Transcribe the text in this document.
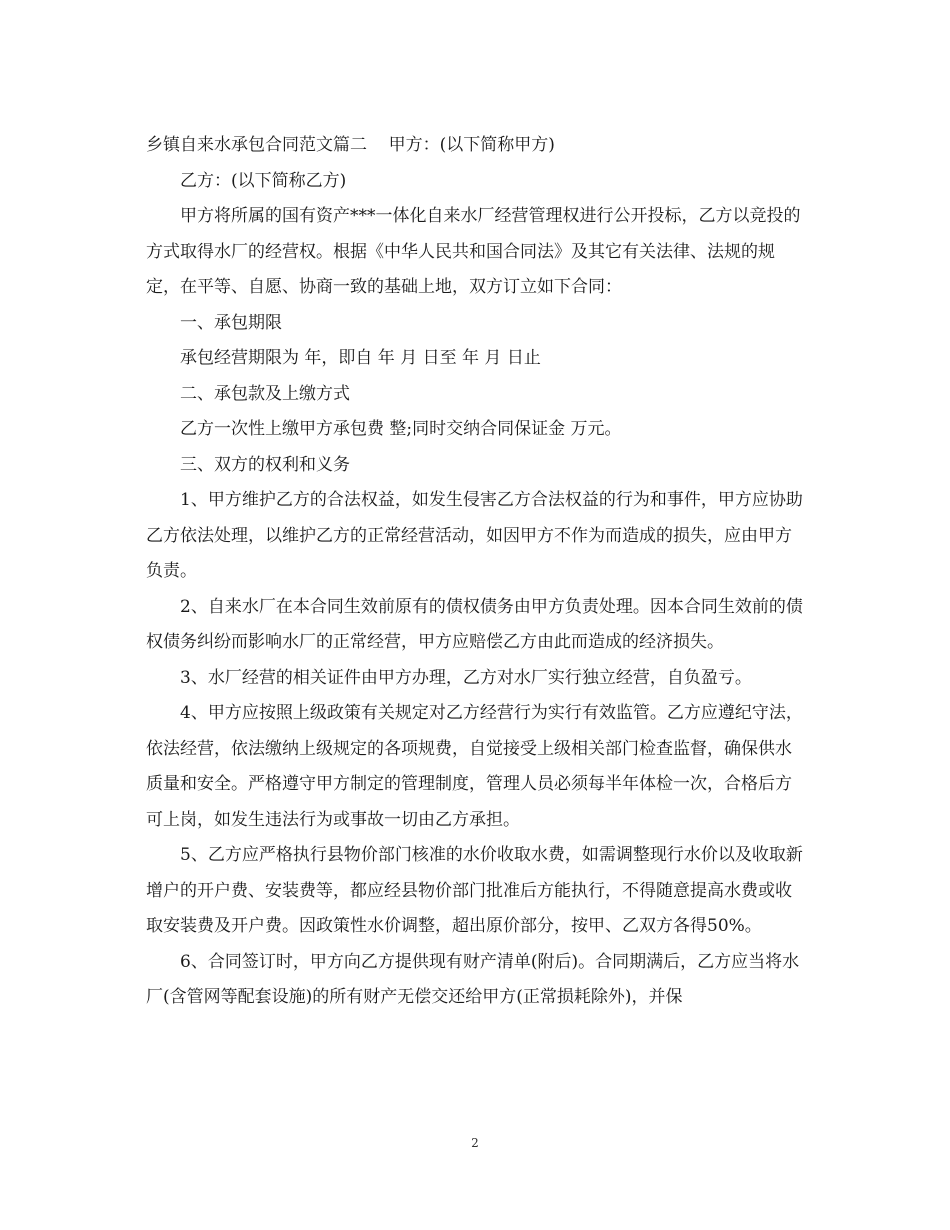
乡镇自来水承包合同范文篇二    甲方：(以下简称甲方)

乙方：(以下简称乙方)

甲方将所属的国有资产***一体化自来水厂经营管理权进行公开投标，乙方以竞投的方式取得水厂的经营权。根据《中华人民共和国合同法》及其它有关法律、法规的规定，在平等、自愿、协商一致的基础上地，双方订立如下合同：

一、承包期限

承包经营期限为 年，即自 年 月 日至 年 月 日止

二、承包款及上缴方式

乙方一次性上缴甲方承包费 整;同时交纳合同保证金 万元。

三、双方的权利和义务

1、甲方维护乙方的合法权益，如发生侵害乙方合法权益的行为和事件，甲方应协助乙方依法处理，以维护乙方的正常经营活动，如因甲方不作为而造成的损失，应由甲方负责。

2、自来水厂在本合同生效前原有的债权债务由甲方负责处理。因本合同生效前的债权债务纠纷而影响水厂的正常经营，甲方应赔偿乙方由此而造成的经济损失。

3、水厂经营的相关证件由甲方办理，乙方对水厂实行独立经营，自负盈亏。

4、甲方应按照上级政策有关规定对乙方经营行为实行有效监管。乙方应遵纪守法，依法经营，依法缴纳上级规定的各项规费，自觉接受上级相关部门检查监督，确保供水质量和安全。严格遵守甲方制定的管理制度，管理人员必须每半年体检一次，合格后方可上岗，如发生违法行为或事故一切由乙方承担。

5、乙方应严格执行县物价部门核准的水价收取水费，如需调整现行水价以及收取新增户的开户费、安装费等，都应经县物价部门批准后方能执行，不得随意提高水费或收取安装费及开户费。因政策性水价调整，超出原价部分，按甲、乙双方各得50%。

6、合同签订时，甲方向乙方提供现有财产清单(附后)。合同期满后，乙方应当将水厂(含管网等配套设施)的所有财产无偿交还给甲方(正常损耗除外)，并保

2
